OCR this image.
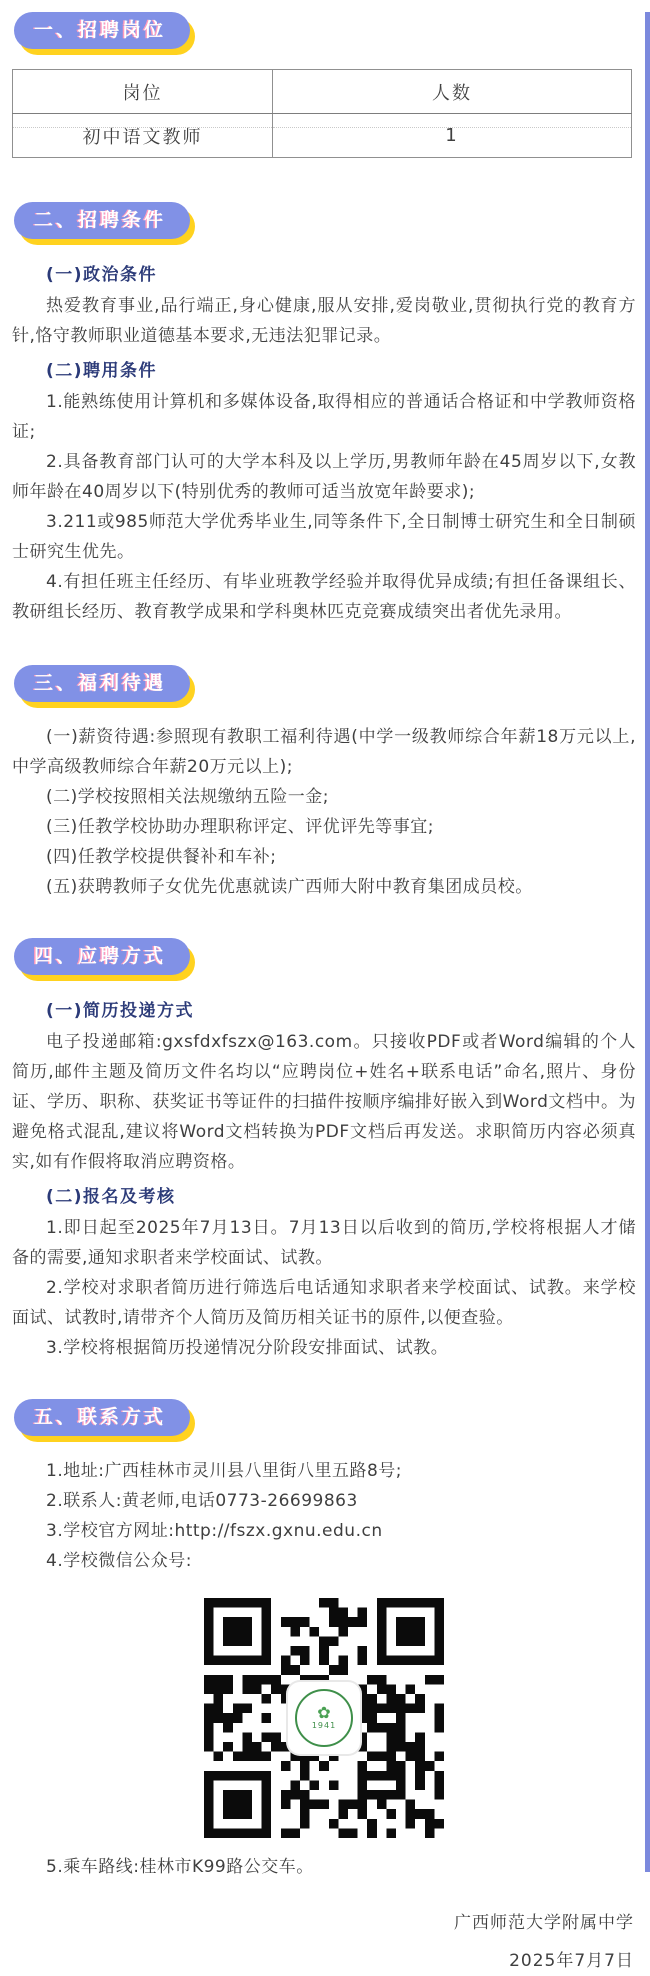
一、招聘岗位
岗位	人数
初中语文教师	1
二、招聘条件
(一)政治条件

热爱教育事业,品行端正,身心健康,服从安排,爱岗敬业,贯彻执行党的教育方针,恪守教师职业道德基本要求,无违法犯罪记录。

(二)聘用条件

1.能熟练使用计算机和多媒体设备,取得相应的普通话合格证和中学教师资格证;

2.具备教育部门认可的大学本科及以上学历,男教师年龄在45周岁以下,女教师年龄在40周岁以下(特别优秀的教师可适当放宽年龄要求);

3.211或985师范大学优秀毕业生,同等条件下,全日制博士研究生和全日制硕士研究生优先。

4.有担任班主任经历、有毕业班教学经验并取得优异成绩;有担任备课组长、教研组长经历、教育教学成果和学科奥林匹克竞赛成绩突出者优先录用。

三、福利待遇

(一)薪资待遇:参照现有教职工福利待遇(中学一级教师综合年薪18万元以上,中学高级教师综合年薪20万元以上);

(二)学校按照相关法规缴纳五险一金;

(三)任教学校协助办理职称评定、评优评先等事宜;

(四)任教学校提供餐补和车补;

(五)获聘教师子女优先优惠就读广西师大附中教育集团成员校。

四、应聘方式
(一)简历投递方式

电子投递邮箱:gxsfdxfszx@163.com。只接收PDF或者Word编辑的个人简历,邮件主题及简历文件名均以“应聘岗位+姓名+联系电话”命名,照片、身份证、学历、职称、获奖证书等证件的扫描件按顺序编排好嵌入到Word文档中。为避免格式混乱,建议将Word文档转换为PDF文档后再发送。求职简历内容必须真实,如有作假将取消应聘资格。

(二)报名及考核

1.即日起至2025年7月13日。7月13日以后收到的简历,学校将根据人才储备的需要,通知求职者来学校面试、试教。

2.学校对求职者简历进行筛选后电话通知求职者来学校面试、试教。来学校面试、试教时,请带齐个人简历及简历相关证书的原件,以便查验。

3.学校将根据简历投递情况分阶段安排面试、试教。

五、联系方式

1.地址:广西桂林市灵川县八里街八里五路8号;

2.联系人:黄老师,电话0773-26699863

3.学校官方网址:http://fszx.gxnu.edu.cn

4.学校微信公众号:

✿
1941

5.乘车路线:桂林市K99路公交车。

广西师范大学附属中学
2025年7月7日
